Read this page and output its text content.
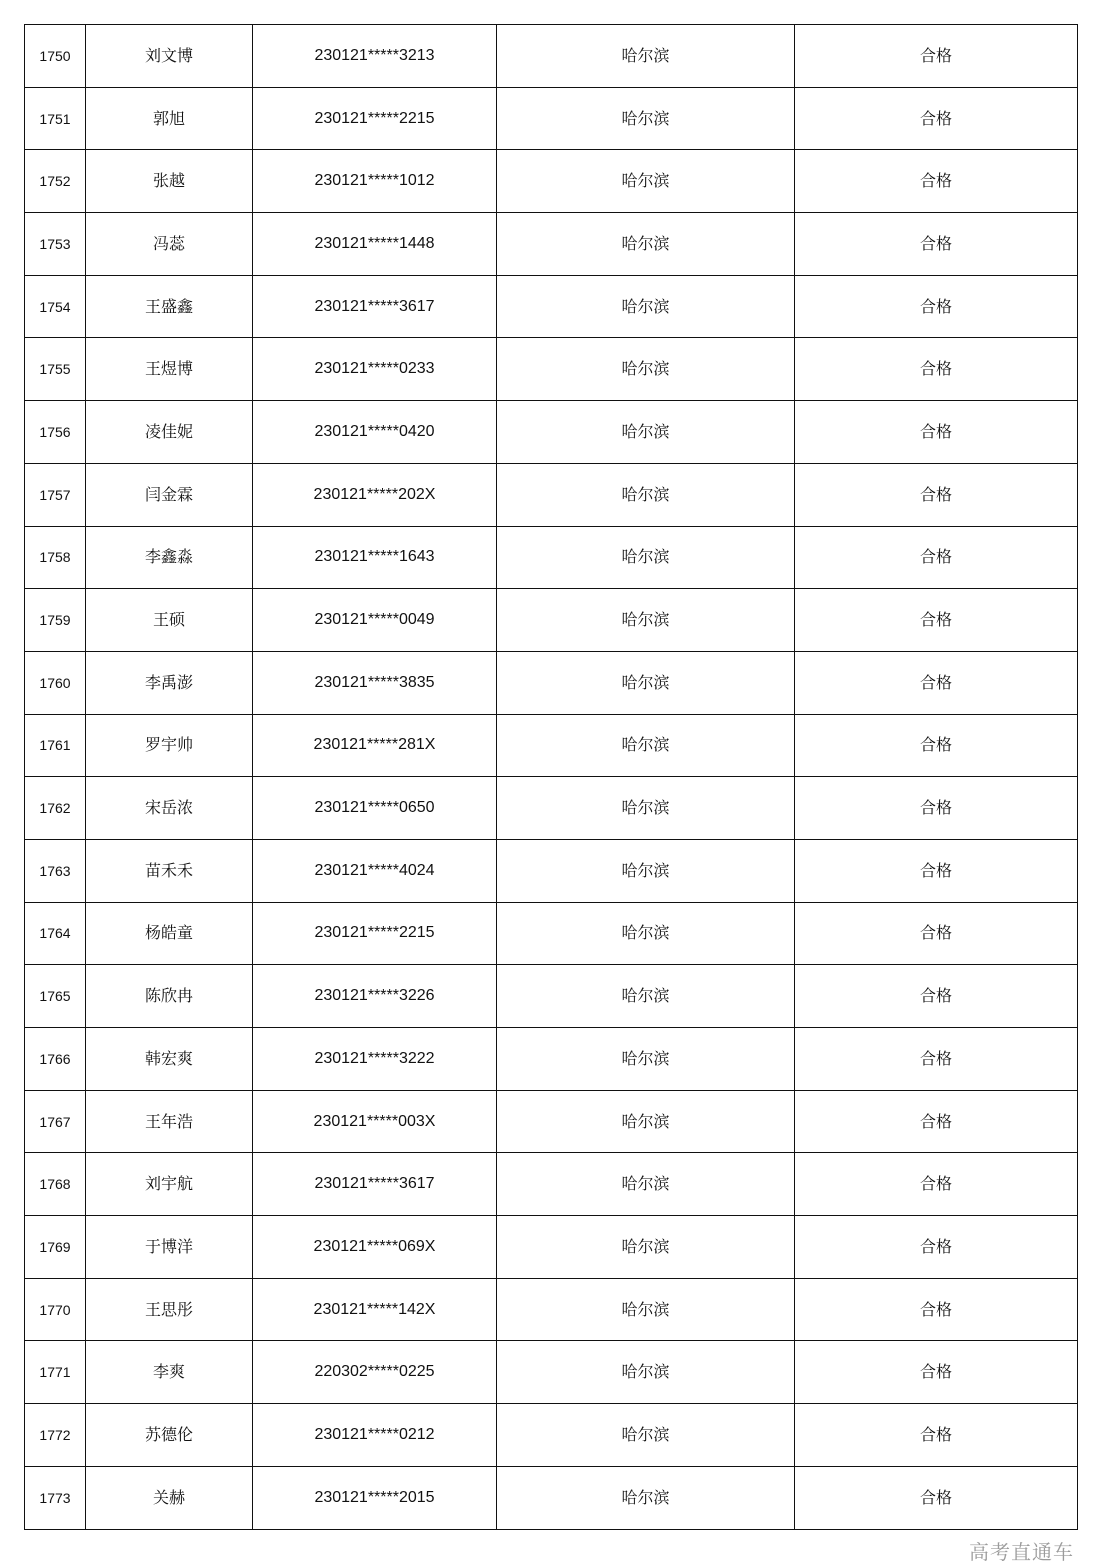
1750	刘文博	230121*****3213	哈尔滨	合格
1751	郭旭	230121*****2215	哈尔滨	合格
1752	张越	230121*****1012	哈尔滨	合格
1753	冯蕊	230121*****1448	哈尔滨	合格
1754	王盛鑫	230121*****3617	哈尔滨	合格
1755	王煜博	230121*****0233	哈尔滨	合格
1756	凌佳妮	230121*****0420	哈尔滨	合格
1757	闫金霖	230121*****202X	哈尔滨	合格
1758	李鑫淼	230121*****1643	哈尔滨	合格
1759	王硕	230121*****0049	哈尔滨	合格
1760	李禹澎	230121*****3835	哈尔滨	合格
1761	罗宇帅	230121*****281X	哈尔滨	合格
1762	宋岳浓	230121*****0650	哈尔滨	合格
1763	苗禾禾	230121*****4024	哈尔滨	合格
1764	杨皓童	230121*****2215	哈尔滨	合格
1765	陈欣冉	230121*****3226	哈尔滨	合格
1766	韩宏爽	230121*****3222	哈尔滨	合格
1767	王年浩	230121*****003X	哈尔滨	合格
1768	刘宇航	230121*****3617	哈尔滨	合格
1769	于博洋	230121*****069X	哈尔滨	合格
1770	王思彤	230121*****142X	哈尔滨	合格
1771	李爽	220302*****0225	哈尔滨	合格
1772	苏德伦	230121*****0212	哈尔滨	合格
1773	关赫	230121*****2015	哈尔滨	合格
高考直通车
